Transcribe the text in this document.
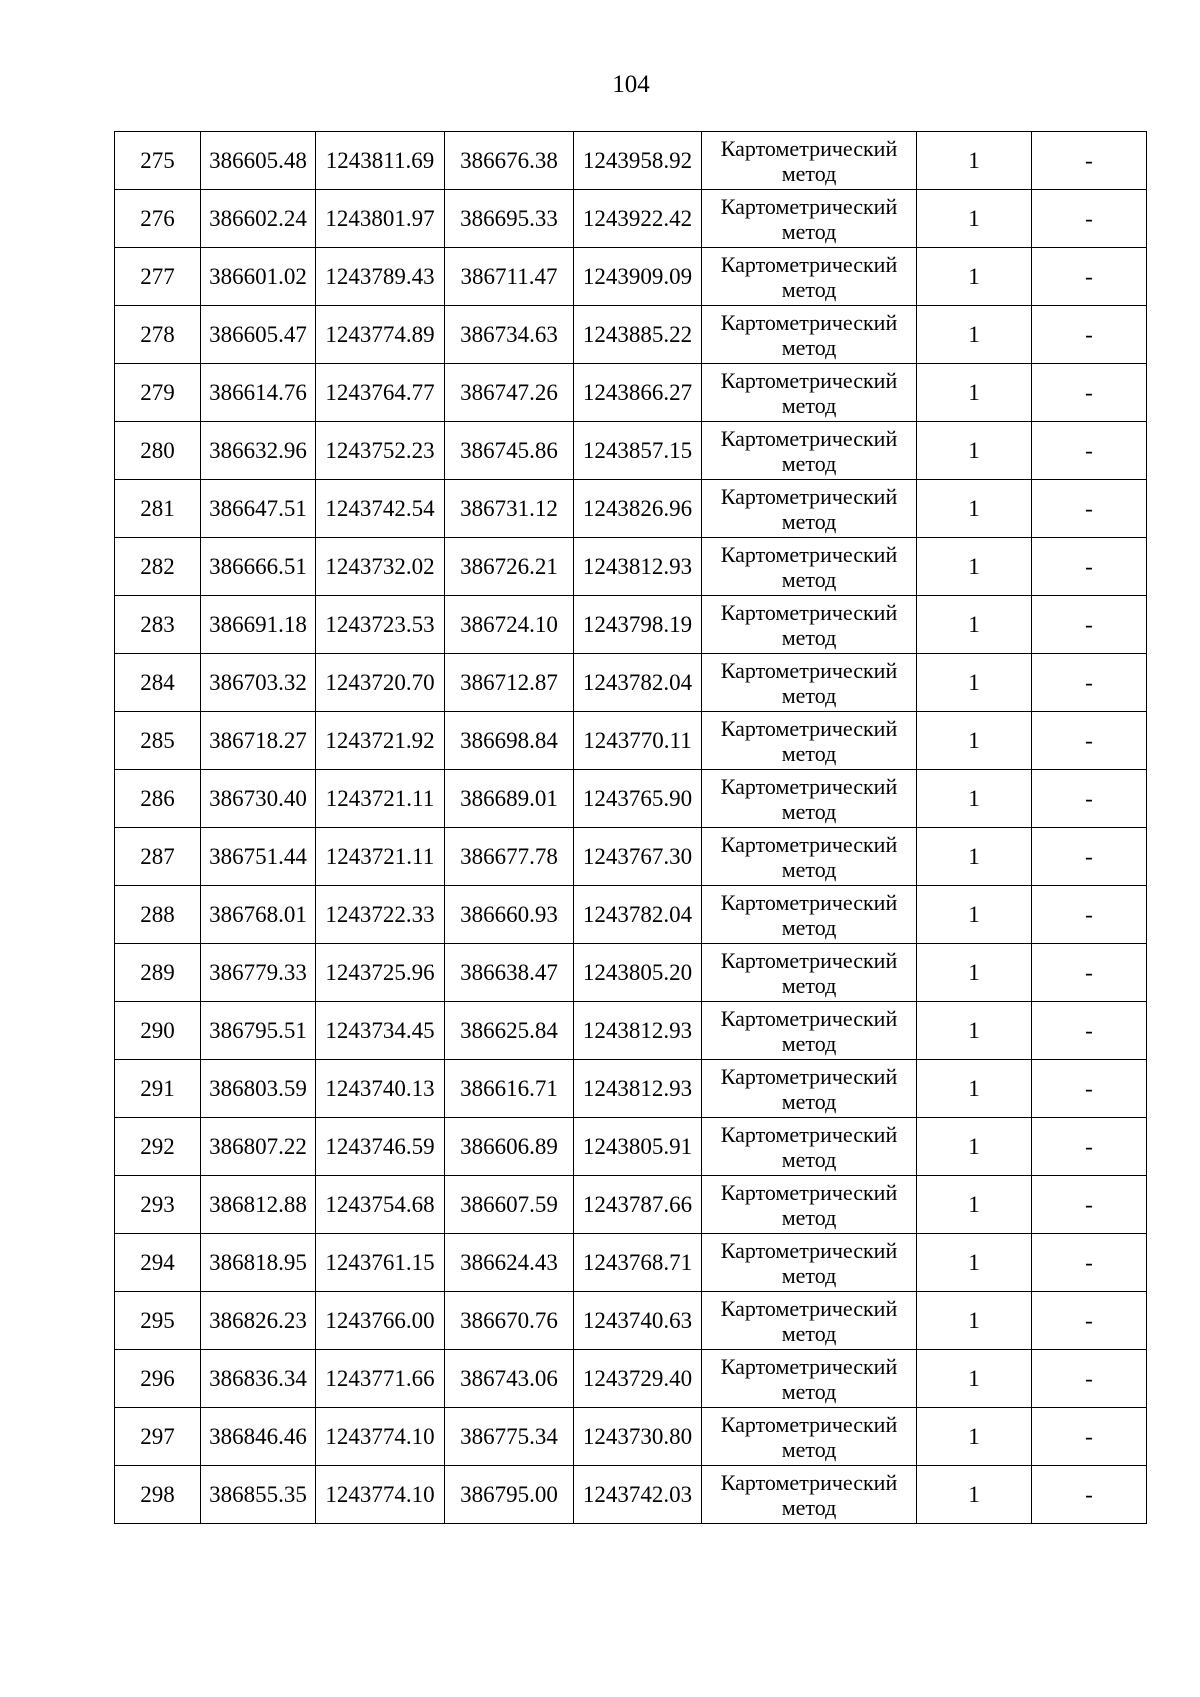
104
275	386605.48	1243811.69	386676.38	1243958.92	Картометрический
метод	1	-
276	386602.24	1243801.97	386695.33	1243922.42	Картометрический
метод	1	-
277	386601.02	1243789.43	386711.47	1243909.09	Картометрический
метод	1	-
278	386605.47	1243774.89	386734.63	1243885.22	Картометрический
метод	1	-
279	386614.76	1243764.77	386747.26	1243866.27	Картометрический
метод	1	-
280	386632.96	1243752.23	386745.86	1243857.15	Картометрический
метод	1	-
281	386647.51	1243742.54	386731.12	1243826.96	Картометрический
метод	1	-
282	386666.51	1243732.02	386726.21	1243812.93	Картометрический
метод	1	-
283	386691.18	1243723.53	386724.10	1243798.19	Картометрический
метод	1	-
284	386703.32	1243720.70	386712.87	1243782.04	Картометрический
метод	1	-
285	386718.27	1243721.92	386698.84	1243770.11	Картометрический
метод	1	-
286	386730.40	1243721.11	386689.01	1243765.90	Картометрический
метод	1	-
287	386751.44	1243721.11	386677.78	1243767.30	Картометрический
метод	1	-
288	386768.01	1243722.33	386660.93	1243782.04	Картометрический
метод	1	-
289	386779.33	1243725.96	386638.47	1243805.20	Картометрический
метод	1	-
290	386795.51	1243734.45	386625.84	1243812.93	Картометрический
метод	1	-
291	386803.59	1243740.13	386616.71	1243812.93	Картометрический
метод	1	-
292	386807.22	1243746.59	386606.89	1243805.91	Картометрический
метод	1	-
293	386812.88	1243754.68	386607.59	1243787.66	Картометрический
метод	1	-
294	386818.95	1243761.15	386624.43	1243768.71	Картометрический
метод	1	-
295	386826.23	1243766.00	386670.76	1243740.63	Картометрический
метод	1	-
296	386836.34	1243771.66	386743.06	1243729.40	Картометрический
метод	1	-
297	386846.46	1243774.10	386775.34	1243730.80	Картометрический
метод	1	-
298	386855.35	1243774.10	386795.00	1243742.03	Картометрический
метод	1	-
